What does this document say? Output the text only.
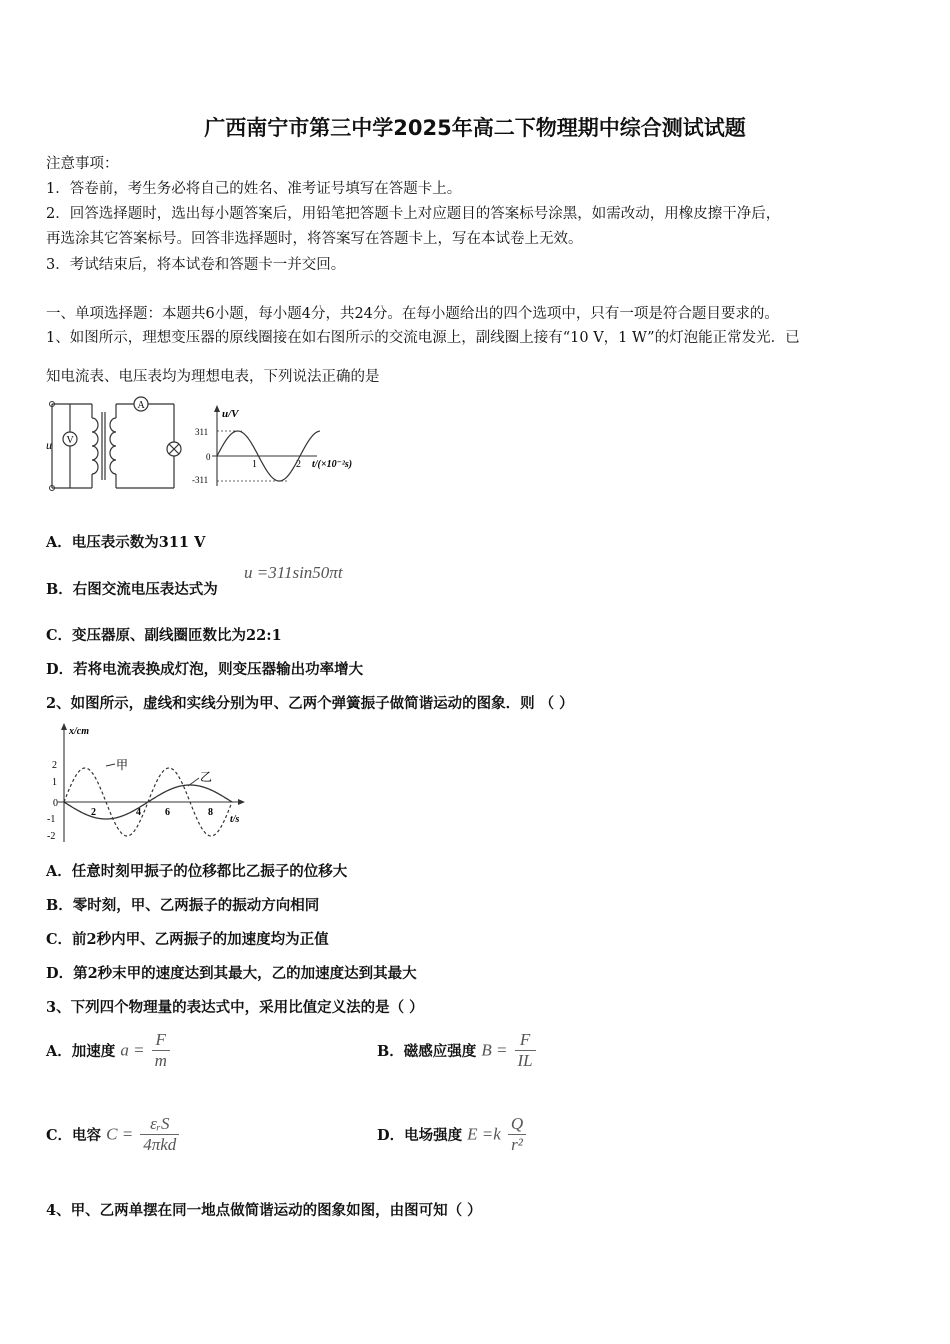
广西南宁市第三中学2025年高二下物理期中综合测试试题
注意事项：
1．答卷前，考生务必将自己的姓名、准考证号填写在答题卡上。
2．回答选择题时，选出每小题答案后，用铅笔把答题卡上对应题目的答案标号涂黑，如需改动，用橡皮擦干净后，
再选涂其它答案标号。回答非选择题时，将答案写在答题卡上，写在本试卷上无效。
3．考试结束后，将本试卷和答题卡一并交回。
一、单项选择题：本题共6小题，每小题4分，共24分。在每小题给出的四个选项中，只有一项是符合题目要求的。
1、如图所示，理想变压器的原线圈接在如右图所示的交流电源上，副线圈上接有“10 V，1 W”的灯泡能正常发光．已
知电流表、电压表均为理想电表，下列说法正确的是
V
u
A
u/V
311
0
-311
1	2 t/(×10⁻²s)
A．电压表示数为311 V
B．右图交流电压表达式为
u =311sin50πt
C．变压器原、副线圈匝数比为22:1
D．若将电流表换成灯泡，则变压器输出功率增大
2、如图所示，虚线和实线分别为甲、乙两个弹簧振子做简谐运动的图象．则 （ ）
x/cm
t/s
2
1
0
-1
-2
2	4 6	8
甲
乙
A．任意时刻甲振子的位移都比乙振子的位移大
B．零时刻，甲、乙两振子的振动方向相同
C．前2秒内甲、乙两振子的加速度均为正值
D．第2秒末甲的速度达到其最大，乙的加速度达到其最大
3、下列四个物理量的表达式中，采用比值定义法的是（ ）
A．加速度 $a = \frac{F}{m}$	B．磁感应强度 $B = \frac{F}{IL}$
C．电容 $C = \frac{\text{εᵣS}}{\text{4πkd}}$	D．电场强度 $E =k \frac{Q}{\text{r²}}$
4、甲、乙两单摆在同一地点做简谐运动的图象如图，由图可知（ ）
